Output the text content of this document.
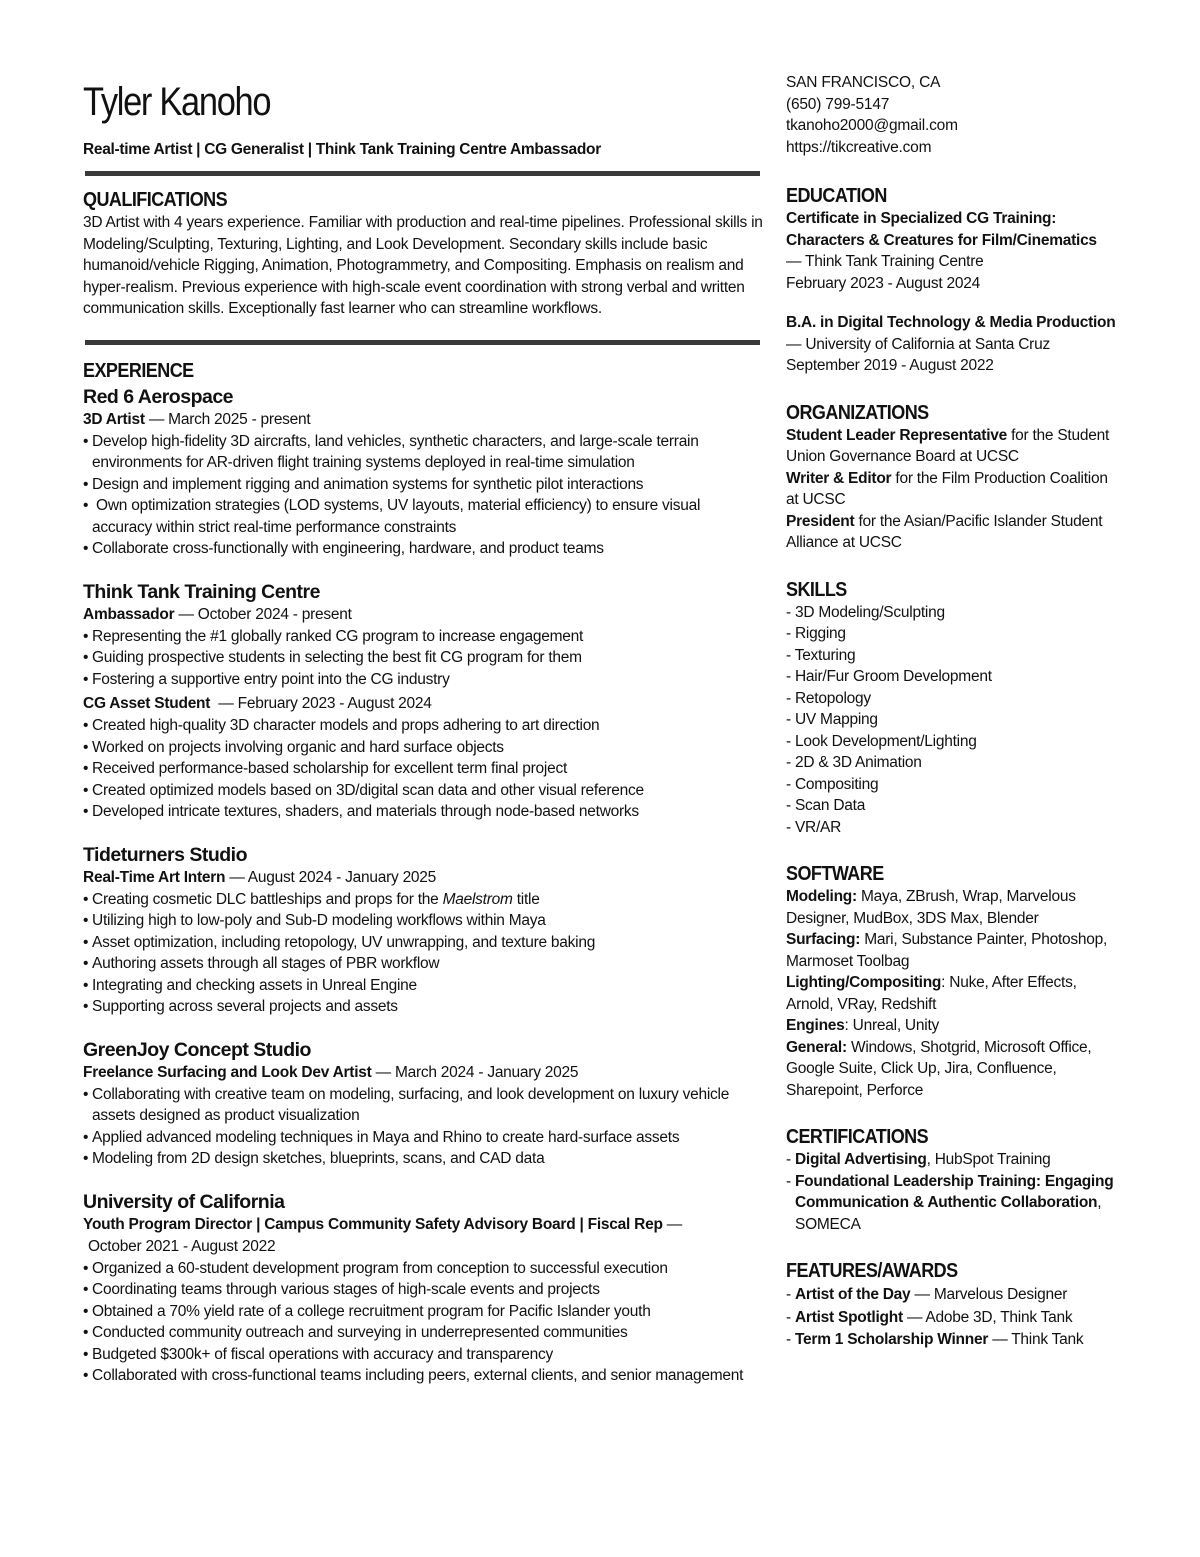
Tyler Kanoho
Real-time Artist | CG Generalist | Think Tank Training Centre Ambassador
QUALIFICATIONS
3D Artist with 4 years experience. Familiar with production and real-time pipelines. Professional skills in Modeling/Sculpting, Texturing, Lighting, and Look Development. Secondary skills include basic humanoid/vehicle Rigging, Animation, Photogrammetry, and Compositing. Emphasis on realism and hyper-realism. Previous experience with high-scale event coordination with strong verbal and written communication skills. Exceptionally fast learner who can streamline workflows.
EXPERIENCE
Red 6 Aerospace
3D Artist — March 2025 - present
• Develop high-fidelity 3D aircrafts, land vehicles, synthetic characters, and large-scale terrain environments for AR-driven flight training systems deployed in real-time simulation
• Design and implement rigging and animation systems for synthetic pilot interactions
• Own optimization strategies (LOD systems, UV layouts, material efficiency) to ensure visual accuracy within strict real-time performance constraints
• Collaborate cross-functionally with engineering, hardware, and product teams
Think Tank Training Centre
Ambassador — October 2024 - present
• Representing the #1 globally ranked CG program to increase engagement
• Guiding prospective students in selecting the best fit CG program for them
• Fostering a supportive entry point into the CG industry
CG Asset Student — February 2023 - August 2024
• Created high-quality 3D character models and props adhering to art direction
• Worked on projects involving organic and hard surface objects
• Received performance-based scholarship for excellent term final project
• Created optimized models based on 3D/digital scan data and other visual reference
• Developed intricate textures, shaders, and materials through node-based networks
Tideturners Studio
Real-Time Art Intern — August 2024 - January 2025
• Creating cosmetic DLC battleships and props for the Maelstrom title
• Utilizing high to low-poly and Sub-D modeling workflows within Maya
• Asset optimization, including retopology, UV unwrapping, and texture baking
• Authoring assets through all stages of PBR workflow
• Integrating and checking assets in Unreal Engine
• Supporting across several projects and assets
GreenJoy Concept Studio
Freelance Surfacing and Look Dev Artist — March 2024 - January 2025
• Collaborating with creative team on modeling, surfacing, and look development on luxury vehicle assets designed as product visualization
• Applied advanced modeling techniques in Maya and Rhino to create hard-surface assets
• Modeling from 2D design sketches, blueprints, scans, and CAD data
University of California
Youth Program Director | Campus Community Safety Advisory Board | Fiscal Rep —
October 2021 - August 2022
• Organized a 60-student development program from conception to successful execution
• Coordinating teams through various stages of high-scale events and projects
• Obtained a 70% yield rate of a college recruitment program for Pacific Islander youth
• Conducted community outreach and surveying in underrepresented communities
• Budgeted $300k+ of fiscal operations with accuracy and transparency
• Collaborated with cross-functional teams including peers, external clients, and senior management
SAN FRANCISCO, CA
(650) 799-5147
tkanoho2000@gmail.com
https://tikcreative.com
EDUCATION
Certificate in Specialized CG Training: Characters & Creatures for Film/Cinematics — Think Tank Training Centre
February 2023 - August 2024
B.A. in Digital Technology & Media Production — University of California at Santa Cruz
September 2019 - August 2022
ORGANIZATIONS
Student Leader Representative for the Student Union Governance Board at UCSC
Writer & Editor for the Film Production Coalition at UCSC
President for the Asian/Pacific Islander Student Alliance at UCSC
SKILLS
- 3D Modeling/Sculpting
- Rigging
- Texturing
- Hair/Fur Groom Development
- Retopology
- UV Mapping
- Look Development/Lighting
- 2D & 3D Animation
- Compositing
- Scan Data
- VR/AR
SOFTWARE
Modeling: Maya, ZBrush, Wrap, Marvelous Designer, MudBox, 3DS Max, Blender
Surfacing: Mari, Substance Painter, Photoshop, Marmoset Toolbag
Lighting/Compositing: Nuke, After Effects, Arnold, VRay, Redshift
Engines: Unreal, Unity
General: Windows, Shotgrid, Microsoft Office, Google Suite, Click Up, Jira, Confluence, Sharepoint, Perforce
CERTIFICATIONS
- Digital Advertising, HubSpot Training
- Foundational Leadership Training: Engaging Communication & Authentic Collaboration, SOMECA
FEATURES/AWARDS
- Artist of the Day — Marvelous Designer
- Artist Spotlight — Adobe 3D, Think Tank
- Term 1 Scholarship Winner — Think Tank
